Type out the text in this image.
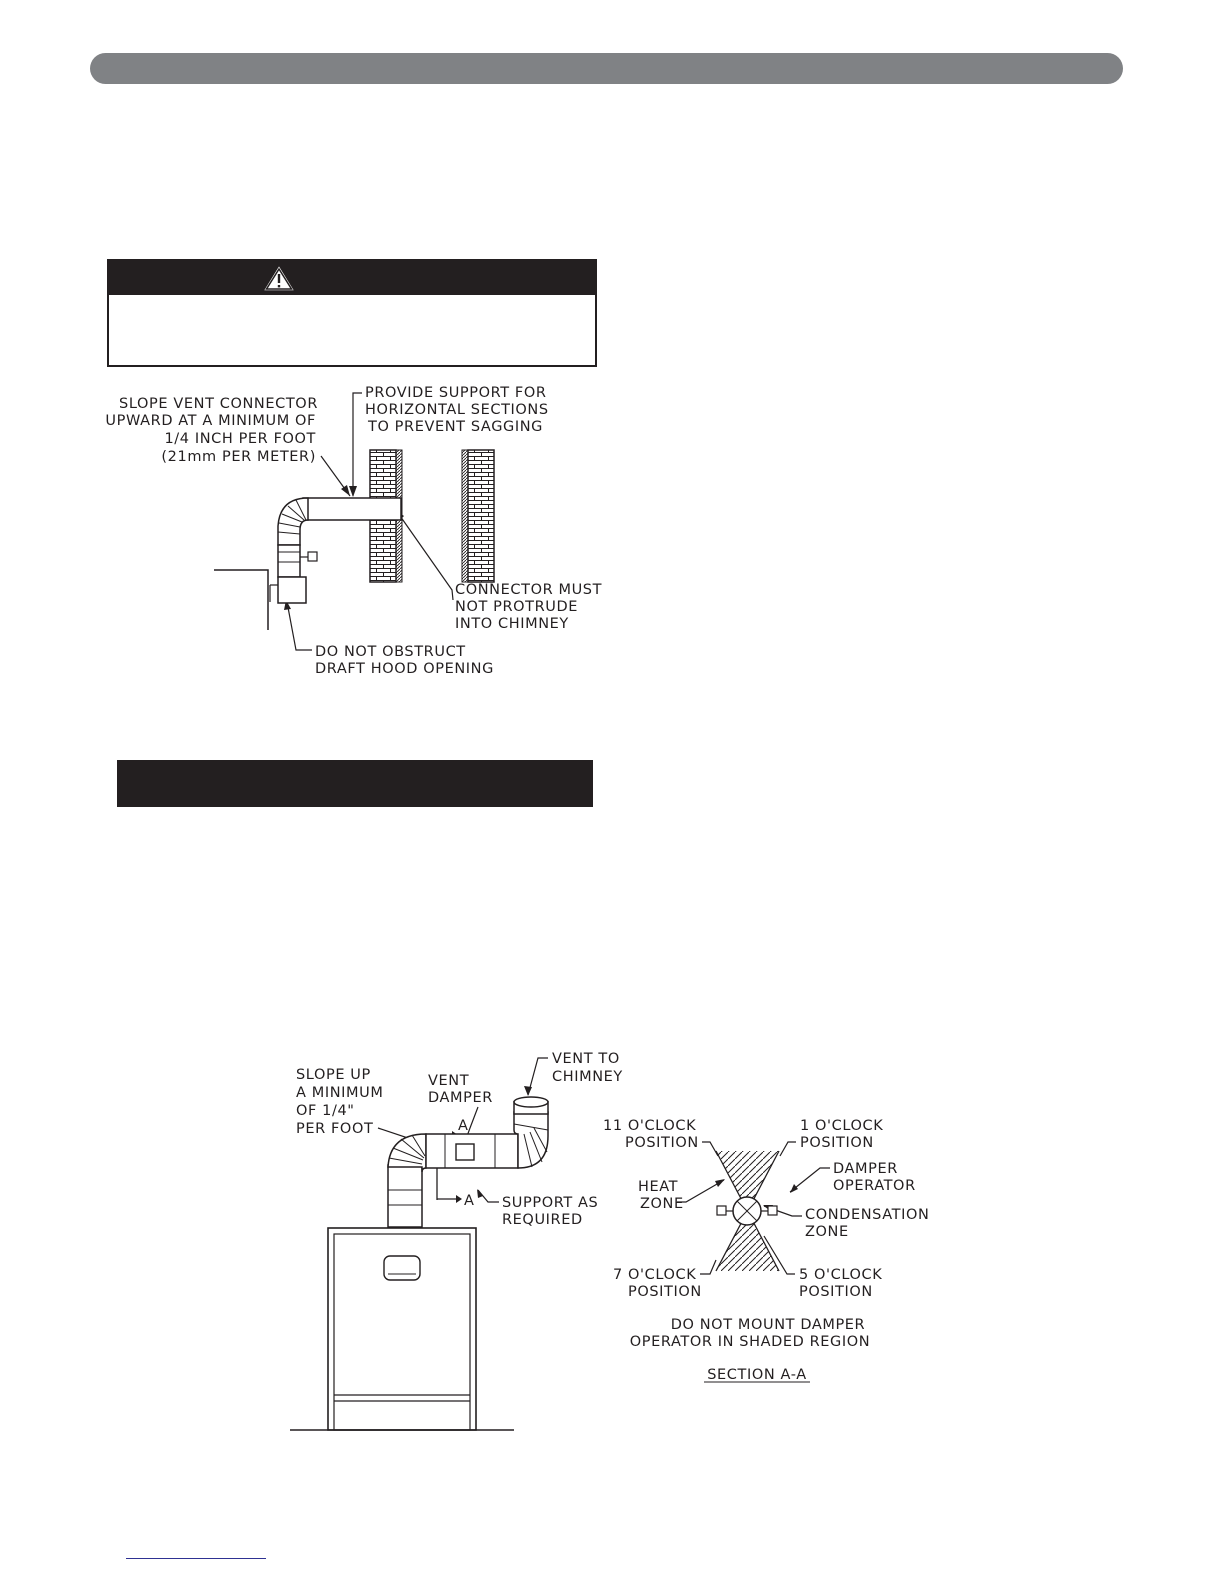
SLOPE VENT CONNECTOR
UPWARD AT A MINIMUM OF
1/4 INCH PER FOOT
(21mm PER METER)
PROVIDE SUPPORT FOR
HORIZONTAL SECTIONS
TO PREVENT SAGGING
CONNECTOR MUST
NOT PROTRUDE
INTO CHIMNEY
DO NOT OBSTRUCT
DRAFT HOOD OPENING
SLOPE UP
A MINIMUM
OF 1/4"
PER FOOT
VENT
DAMPER
VENT TO
CHIMNEY
A
A SUPPORT AS
REQUIRED
11 O'CLOCK
POSITION
1 O'CLOCK
POSITION
HEAT
ZONE
DAMPER
OPERATOR
CONDENSATION
ZONE
7 O'CLOCK
POSITION
5 O'CLOCK
POSITION
DO NOT MOUNT DAMPER
OPERATOR IN SHADED REGION
SECTION A-A
